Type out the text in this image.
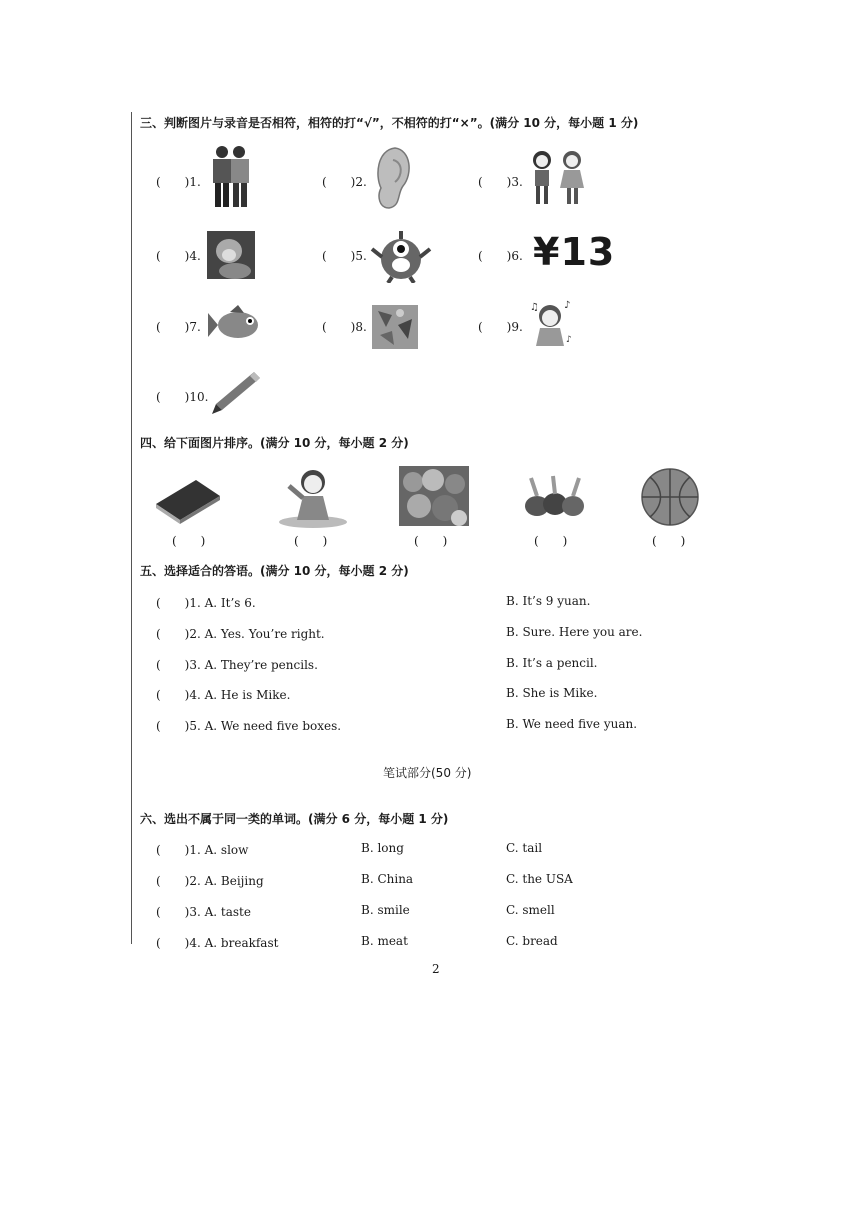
三、判断图片与录音是否相符，相符的打“√”，不相符的打“×”。(满分 10 分，每小题 1 分)
(　　)1.	(　　)2.	(　　)3.
(　　)4.	(　　)5.	(　　)6. ¥13
(　　)7.	(　　)8.	(　　)9.
♪
♫
♪
(　　)10.
四、给下面图片排序。(满分 10 分，每小题 2 分)
(　　)	(　　)	(　　)	(　　)	(　　)
五、选择适合的答语。(满分 10 分，每小题 2 分)
(　　)1. A. It’s 6.	B. It’s 9 yuan.
(　　)2. A. Yes. You’re right.	B. Sure. Here you are.
(　　)3. A. They’re pencils.	B. It’s a pencil.
(　　)4. A. He is Mike.	B. She is Mike.
(　　)5. A. We need five boxes.	B. We need five yuan.
笔试部分(50 分)
六、选出不属于同一类的单词。(满分 6 分，每小题 1 分)
(　　)1. A. slow	B. long	C. tail
(　　)2. A. Beijing	B. China	C. the USA
(　　)3. A. taste	B. smile	C. smell
(　　)4. A. breakfast	B. meat	C. bread
2
